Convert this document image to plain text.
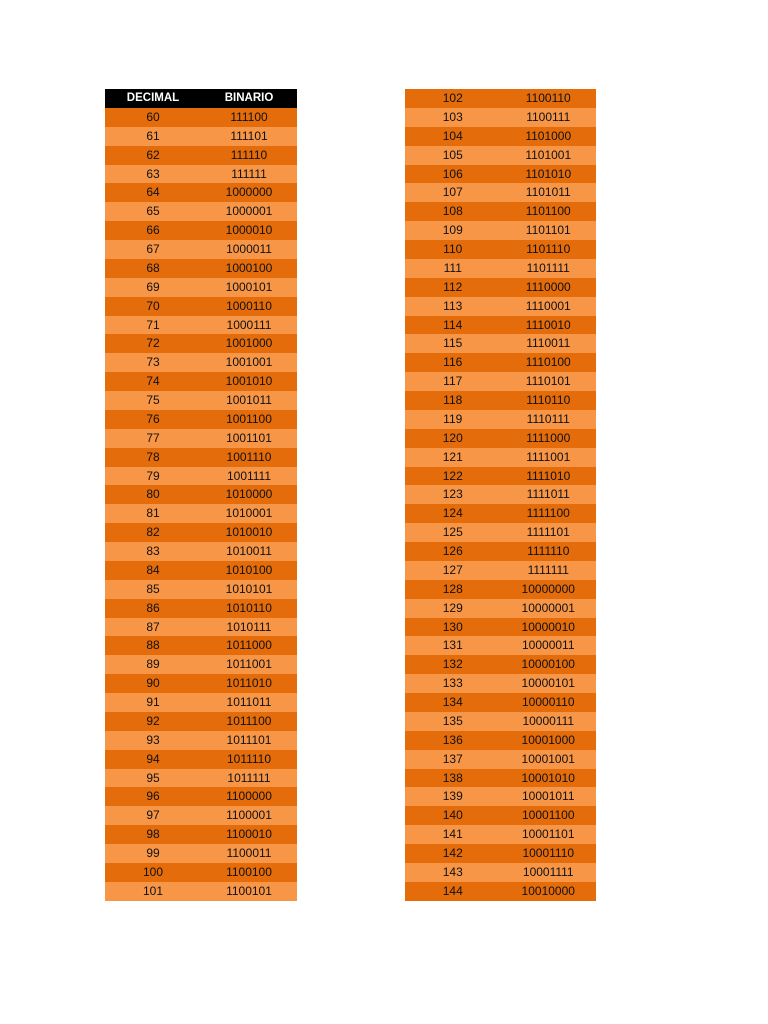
DECIMAL	BINARIO
60	111100
61	111101
62	111110
63	111111
64	1000000
65	1000001
66	1000010
67	1000011
68	1000100
69	1000101
70	1000110
71	1000111
72	1001000
73	1001001
74	1001010
75	1001011
76	1001100
77	1001101
78	1001110
79	1001111
80	1010000
81	1010001
82	1010010
83	1010011
84	1010100
85	1010101
86	1010110
87	1010111
88	1011000
89	1011001
90	1011010
91	1011011
92	1011100
93	1011101
94	1011110
95	1011111
96	1100000
97	1100001
98	1100010
99	1100011
100	1100100
101	1100101
102	1100110
103	1100111
104	1101000
105	1101001
106	1101010
107	1101011
108	1101100
109	1101101
110	1101110
111	1101111
112	1110000
113	1110001
114	1110010
115	1110011
116	1110100
117	1110101
118	1110110
119	1110111
120	1111000
121	1111001
122	1111010
123	1111011
124	1111100
125	1111101
126	1111110
127	1111111
128	10000000
129	10000001
130	10000010
131	10000011
132	10000100
133	10000101
134	10000110
135	10000111
136	10001000
137	10001001
138	10001010
139	10001011
140	10001100
141	10001101
142	10001110
143	10001111
144	10010000
